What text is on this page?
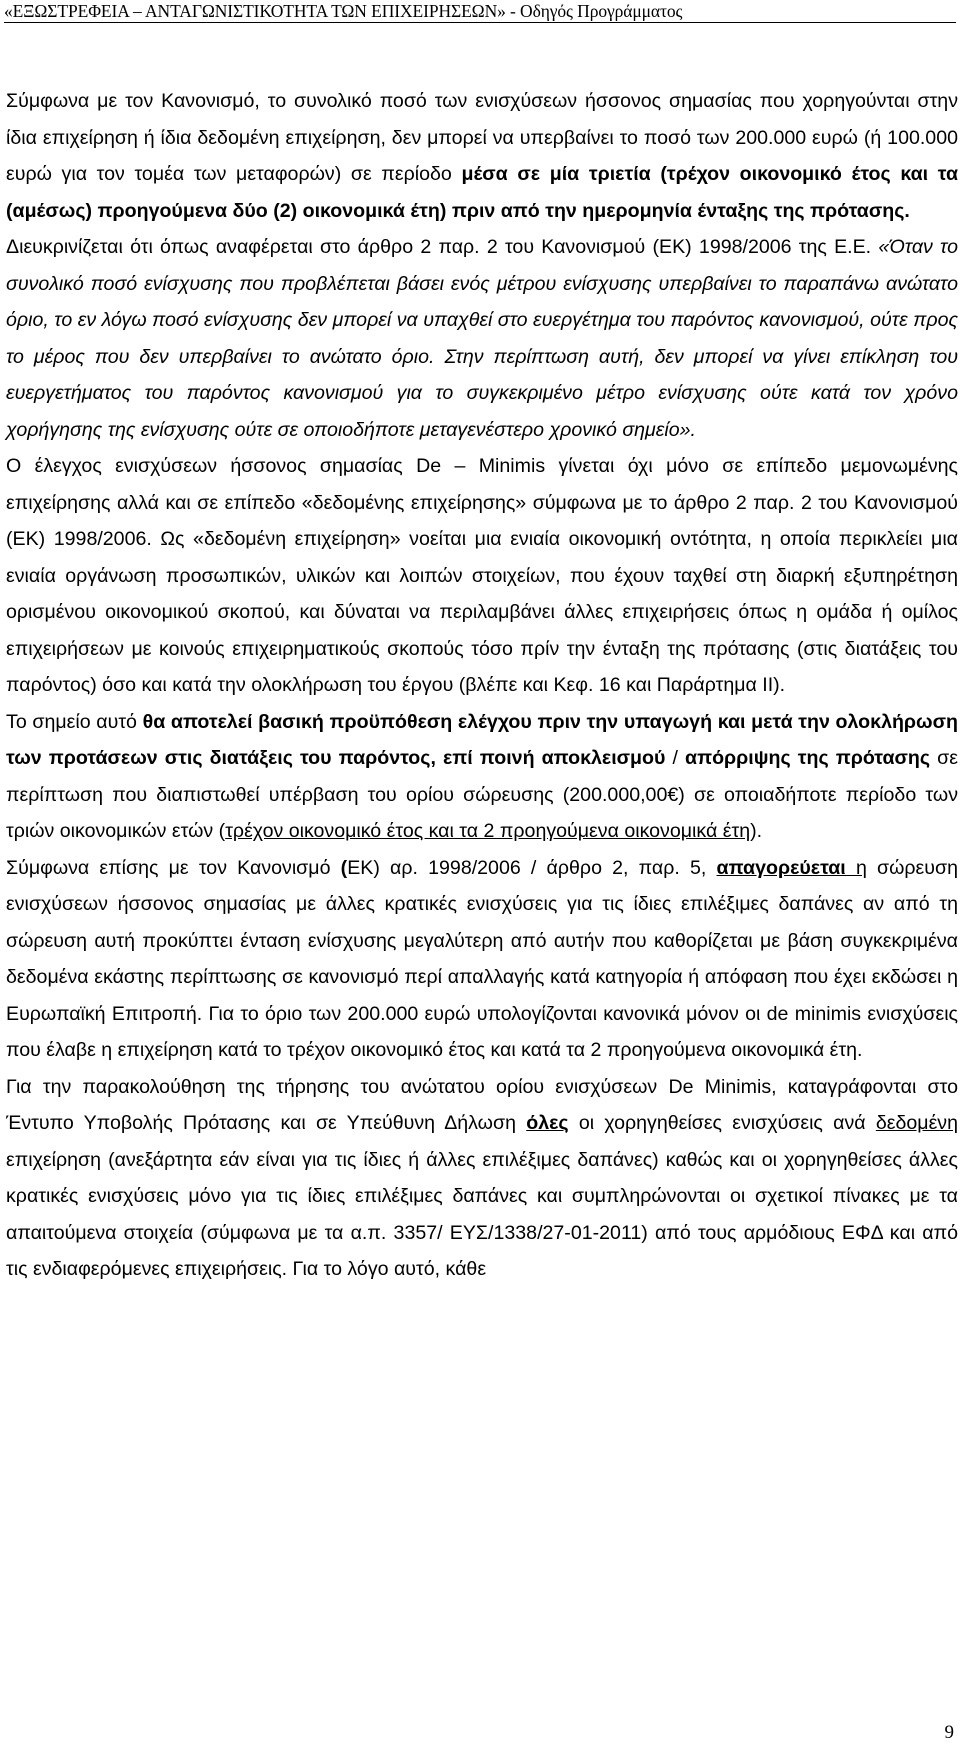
«ΕΞΩΣΤΡΕΦΕΙΑ – ΑΝΤΑΓΩΝΙΣΤΙΚΟΤΗΤΑ ΤΩΝ ΕΠΙΧΕΙΡΗΣΕΩΝ» - Οδηγός Προγράμματος

Σύμφωνα με τον Κανονισμό, το συνολικό ποσό των ενισχύσεων ήσσονος σημασίας που χορηγούνται στην ίδια επιχείρηση ή ίδια δεδομένη επιχείρηση, δεν μπορεί να υπερβαίνει το ποσό των 200.000 ευρώ (ή 100.000 ευρώ για τον τομέα των μεταφορών) σε περίοδο μέσα σε μία τριετία (τρέχον οικονομικό έτος και τα (αμέσως) προηγούμενα δύο (2) οικονομικά έτη) πριν από την ημερομηνία ένταξης της πρότασης.

Διευκρινίζεται ότι όπως αναφέρεται στο άρθρο 2 παρ. 2 του Κανονισμού (ΕΚ) 1998/2006 της Ε.Ε. «Όταν το συνολικό ποσό ενίσχυσης που προβλέπεται βάσει ενός μέτρου ενίσχυσης υπερβαίνει το παραπάνω ανώτατο όριο, το εν λόγω ποσό ενίσχυσης δεν μπορεί να υπαχθεί στο ευεργέτημα του παρόντος κανονισμού, ούτε προς το μέρος που δεν υπερβαίνει το ανώτατο όριο. Στην περίπτωση αυτή, δεν μπορεί να γίνει επίκληση του ευεργετήματος του παρόντος κανονισμού για το συγκεκριμένο μέτρο ενίσχυσης ούτε κατά τον χρόνο χορήγησης της ενίσχυσης ούτε σε οποιοδήποτε μεταγενέστερο χρονικό σημείο».

Ο έλεγχος ενισχύσεων ήσσονος σημασίας De – Minimis γίνεται όχι μόνο σε επίπεδο μεμονωμένης επιχείρησης αλλά και σε επίπεδο «δεδομένης επιχείρησης» σύμφωνα με το άρθρο 2 παρ. 2 του Κανονισμού (ΕΚ) 1998/2006. Ως «δεδομένη επιχείρηση» νοείται μια ενιαία οικονομική οντότητα, η οποία περικλείει μια ενιαία οργάνωση προσωπικών, υλικών και λοιπών στοιχείων, που έχουν ταχθεί στη διαρκή εξυπηρέτηση ορισμένου οικονομικού σκοπού, και δύναται να περιλαμβάνει άλλες επιχειρήσεις όπως η ομάδα ή ομίλος επιχειρήσεων με κοινούς επιχειρηματικούς σκοπούς τόσο πρίν την ένταξη της πρότασης (στις διατάξεις του παρόντος) όσο και κατά την ολοκλήρωση του έργου (βλέπε και Κεφ. 16 και Παράρτημα ΙΙ).

Το σημείο αυτό θα αποτελεί βασική προϋπόθεση ελέγχου πριν την υπαγωγή και μετά την ολοκλήρωση των προτάσεων στις διατάξεις του παρόντος, επί ποινή αποκλεισμού / απόρριψης της πρότασης σε περίπτωση που διαπιστωθεί υπέρβαση του ορίου σώρευσης (200.000,00€) σε οποιαδήποτε περίοδο των τριών οικονομικών ετών (τρέχον οικονομικό έτος και τα 2 προηγούμενα οικονομικά έτη).

Σύμφωνα επίσης με τον Κανονισμό (ΕΚ) αρ. 1998/2006 / άρθρο 2, παρ. 5, απαγορεύεται η σώρευση ενισχύσεων ήσσονος σημασίας με άλλες κρατικές ενισχύσεις για τις ίδιες επιλέξιμες δαπάνες αν από τη σώρευση αυτή προκύπτει ένταση ενίσχυσης μεγαλύτερη από αυτήν που καθορίζεται με βάση συγκεκριμένα δεδομένα εκάστης περίπτωσης σε κανονισμό περί απαλλαγής κατά κατηγορία ή απόφαση που έχει εκδώσει η Ευρωπαϊκή Επιτροπή. Για το όριο των 200.000 ευρώ υπολογίζονται κανονικά μόνον οι de minimis ενισχύσεις που έλαβε η επιχείρηση κατά το τρέχον οικονομικό έτος και κατά τα 2 προηγούμενα οικονομικά έτη.

Για την παρακολούθηση της τήρησης του ανώτατου ορίου ενισχύσεων De Minimis, καταγράφονται στο Έντυπο Υποβολής Πρότασης και σε Υπεύθυνη Δήλωση όλες οι χορηγηθείσες ενισχύσεις ανά δεδομένη επιχείρηση (ανεξάρτητα εάν είναι για τις ίδιες ή άλλες επιλέξιμες δαπάνες) καθώς και οι χορηγηθείσες άλλες κρατικές ενισχύσεις μόνο για τις ίδιες επιλέξιμες δαπάνες και συμπληρώνονται οι σχετικοί πίνακες με τα απαιτούμενα στοιχεία (σύμφωνα με τα α.π. 3357/ ΕΥΣ/1338/27-01-2011) από τους αρμόδιους ΕΦΔ και από τις ενδιαφερόμενες επιχειρήσεις. Για το λόγο αυτό, κάθε

9
